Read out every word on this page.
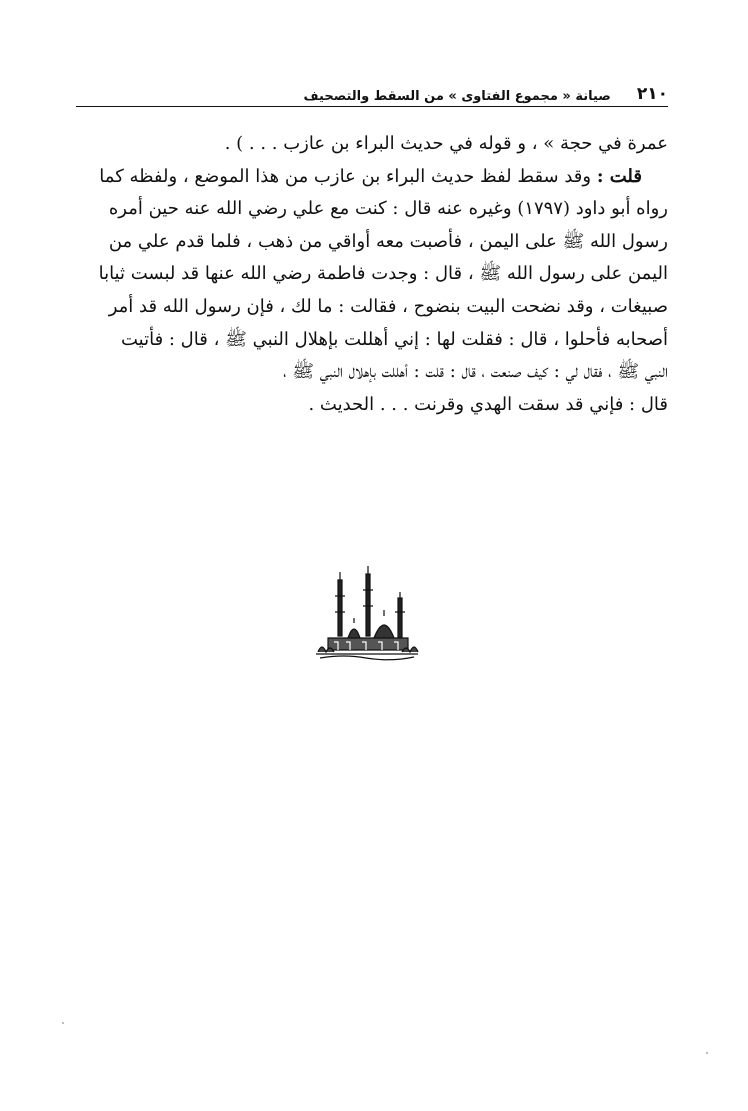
٢١٠
صيانة « مجموع الفتاوى » من السقط والتصحيف
عمرة في حجة » ، و قوله في حديث البراء بن عازب . . . ) .
قلت : وقد سقط لفظ حديث البراء بن عازب من هذا الموضع ، ولفظه كما
رواه أبو داود (١٧٩٧) وغيره عنه قال : كنت مع علي رضي الله عنه حين أمره
رسول الله ﷺ على اليمن ، فأصبت معه أواقي من ذهب ، فلما قدم علي من
اليمن على رسول الله ﷺ ، قال : وجدت فاطمة رضي الله عنها قد لبست ثيابا
صبيغات ، وقد نضحت البيت بنضوح ، فقالت : ما لك ، فإن رسول الله قد أمر
أصحابه فأحلوا ، قال : فقلت لها : إني أهللت بإهلال النبي ﷺ ، قال : فأتيت
النبي ﷺ ، فقال لي : كيف صنعت ، قال : قلت : أهللت بإهلال النبي ﷺ ،
قال : فإني قد سقت الهدي وقرنت . . . الحديث .
